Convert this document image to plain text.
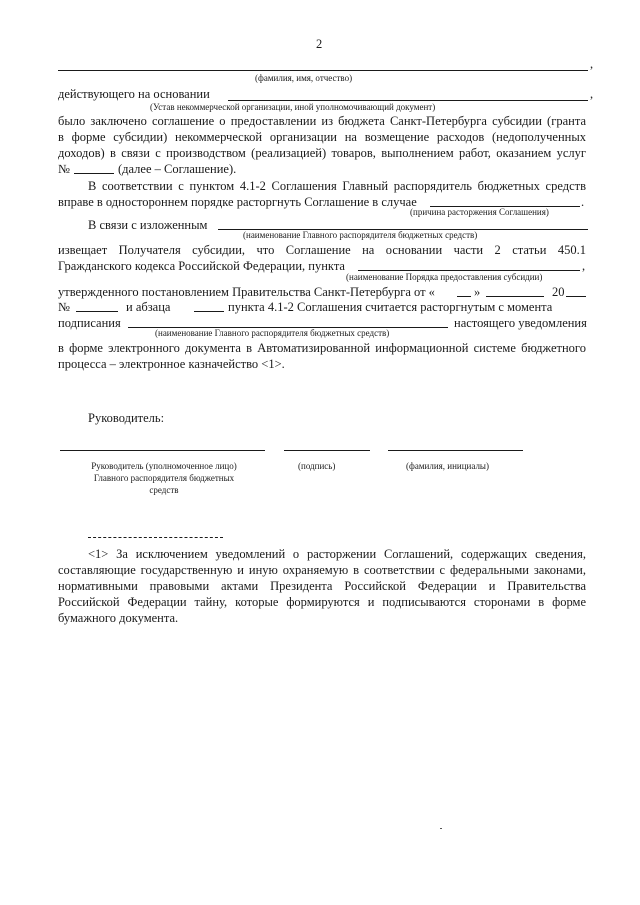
2
,
(фамилия, имя, отчество)
действующего на основании	,
(Устав некоммерческой организации, иной уполномочивающий документ)
было заключено соглашение о предоставлении из бюджета Санкт-Петербурга субсидии (гранта
в форме субсидии) некоммерческой организации на возмещение расходов (недополученных
доходов) в связи с производством (реализацией) товаров, выполнением работ, оказанием услуг
№	(далее – Соглашение).
В соответствии с пунктом 4.1-2 Соглашения Главный распорядитель бюджетных средств
вправе в одностороннем порядке расторгнуть Соглашение в случае	.
(причина расторжения Соглашения)
В связи с изложенным
(наименование Главного распорядителя бюджетных средств)
извещает Получателя субсидии, что Соглашение на основании части 2 статьи 450.1
Гражданского кодекса Российской Федерации, пункта	,
(наименование Порядка предоставления субсидии)
утвержденного постановлением Правительства Санкт-Петербурга от «	»	20
№	и абзаца	пункта 4.1-2 Соглашения считается расторгнутым с момента
подписания	настоящего уведомления
(наименование Главного распорядителя бюджетных средств)
в форме электронного документа в Автоматизированной информационной системе бюджетного
процесса – электронное казначейство <1>.
Руководитель:
Руководитель (уполномоченное лицо)
Главного распорядителя бюджетных
средств
(подпись)	(фамилия, инициалы)
<1> За исключением уведомлений о расторжении Соглашений, содержащих сведения,
составляющие государственную и иную охраняемую в соответствии с федеральными законами,
нормативными правовыми актами Президента Российской Федерации и Правительства
Российской Федерации тайну, которые формируются и подписываются сторонами в форме
бумажного документа.
